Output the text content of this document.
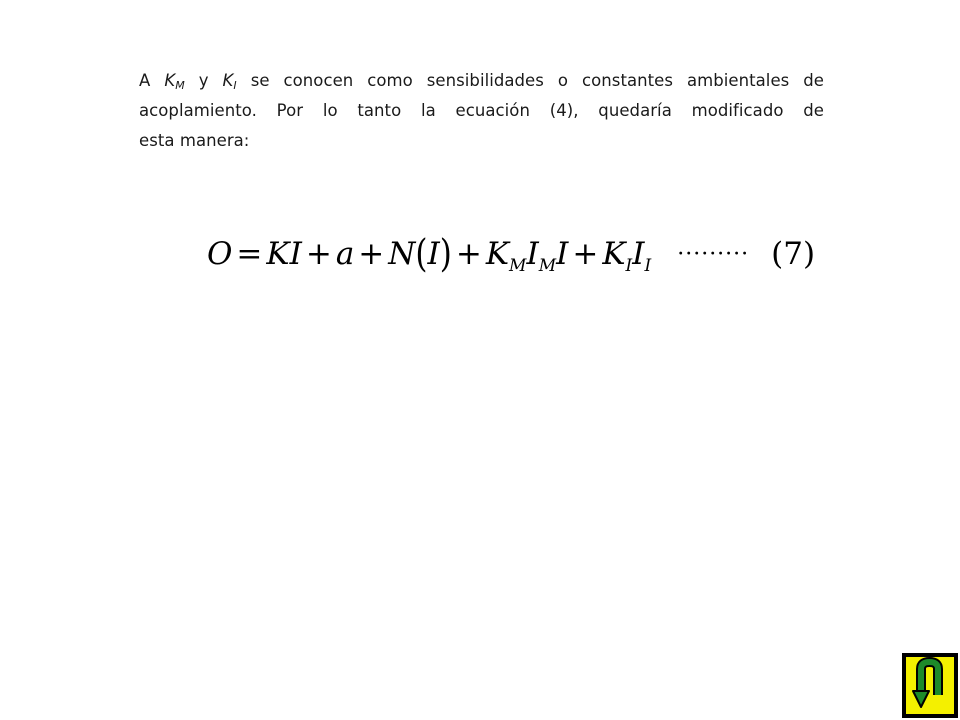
A $K_M$ y $K_I$ se conocen como sensibilidades o constantes ambientales de
acoplamiento. Por lo tanto la ecuación (4), quedaría modificado de
esta manera:
O = KI + $a + N(I) + K_MI_MI + K_II_I$ ········· (7)
